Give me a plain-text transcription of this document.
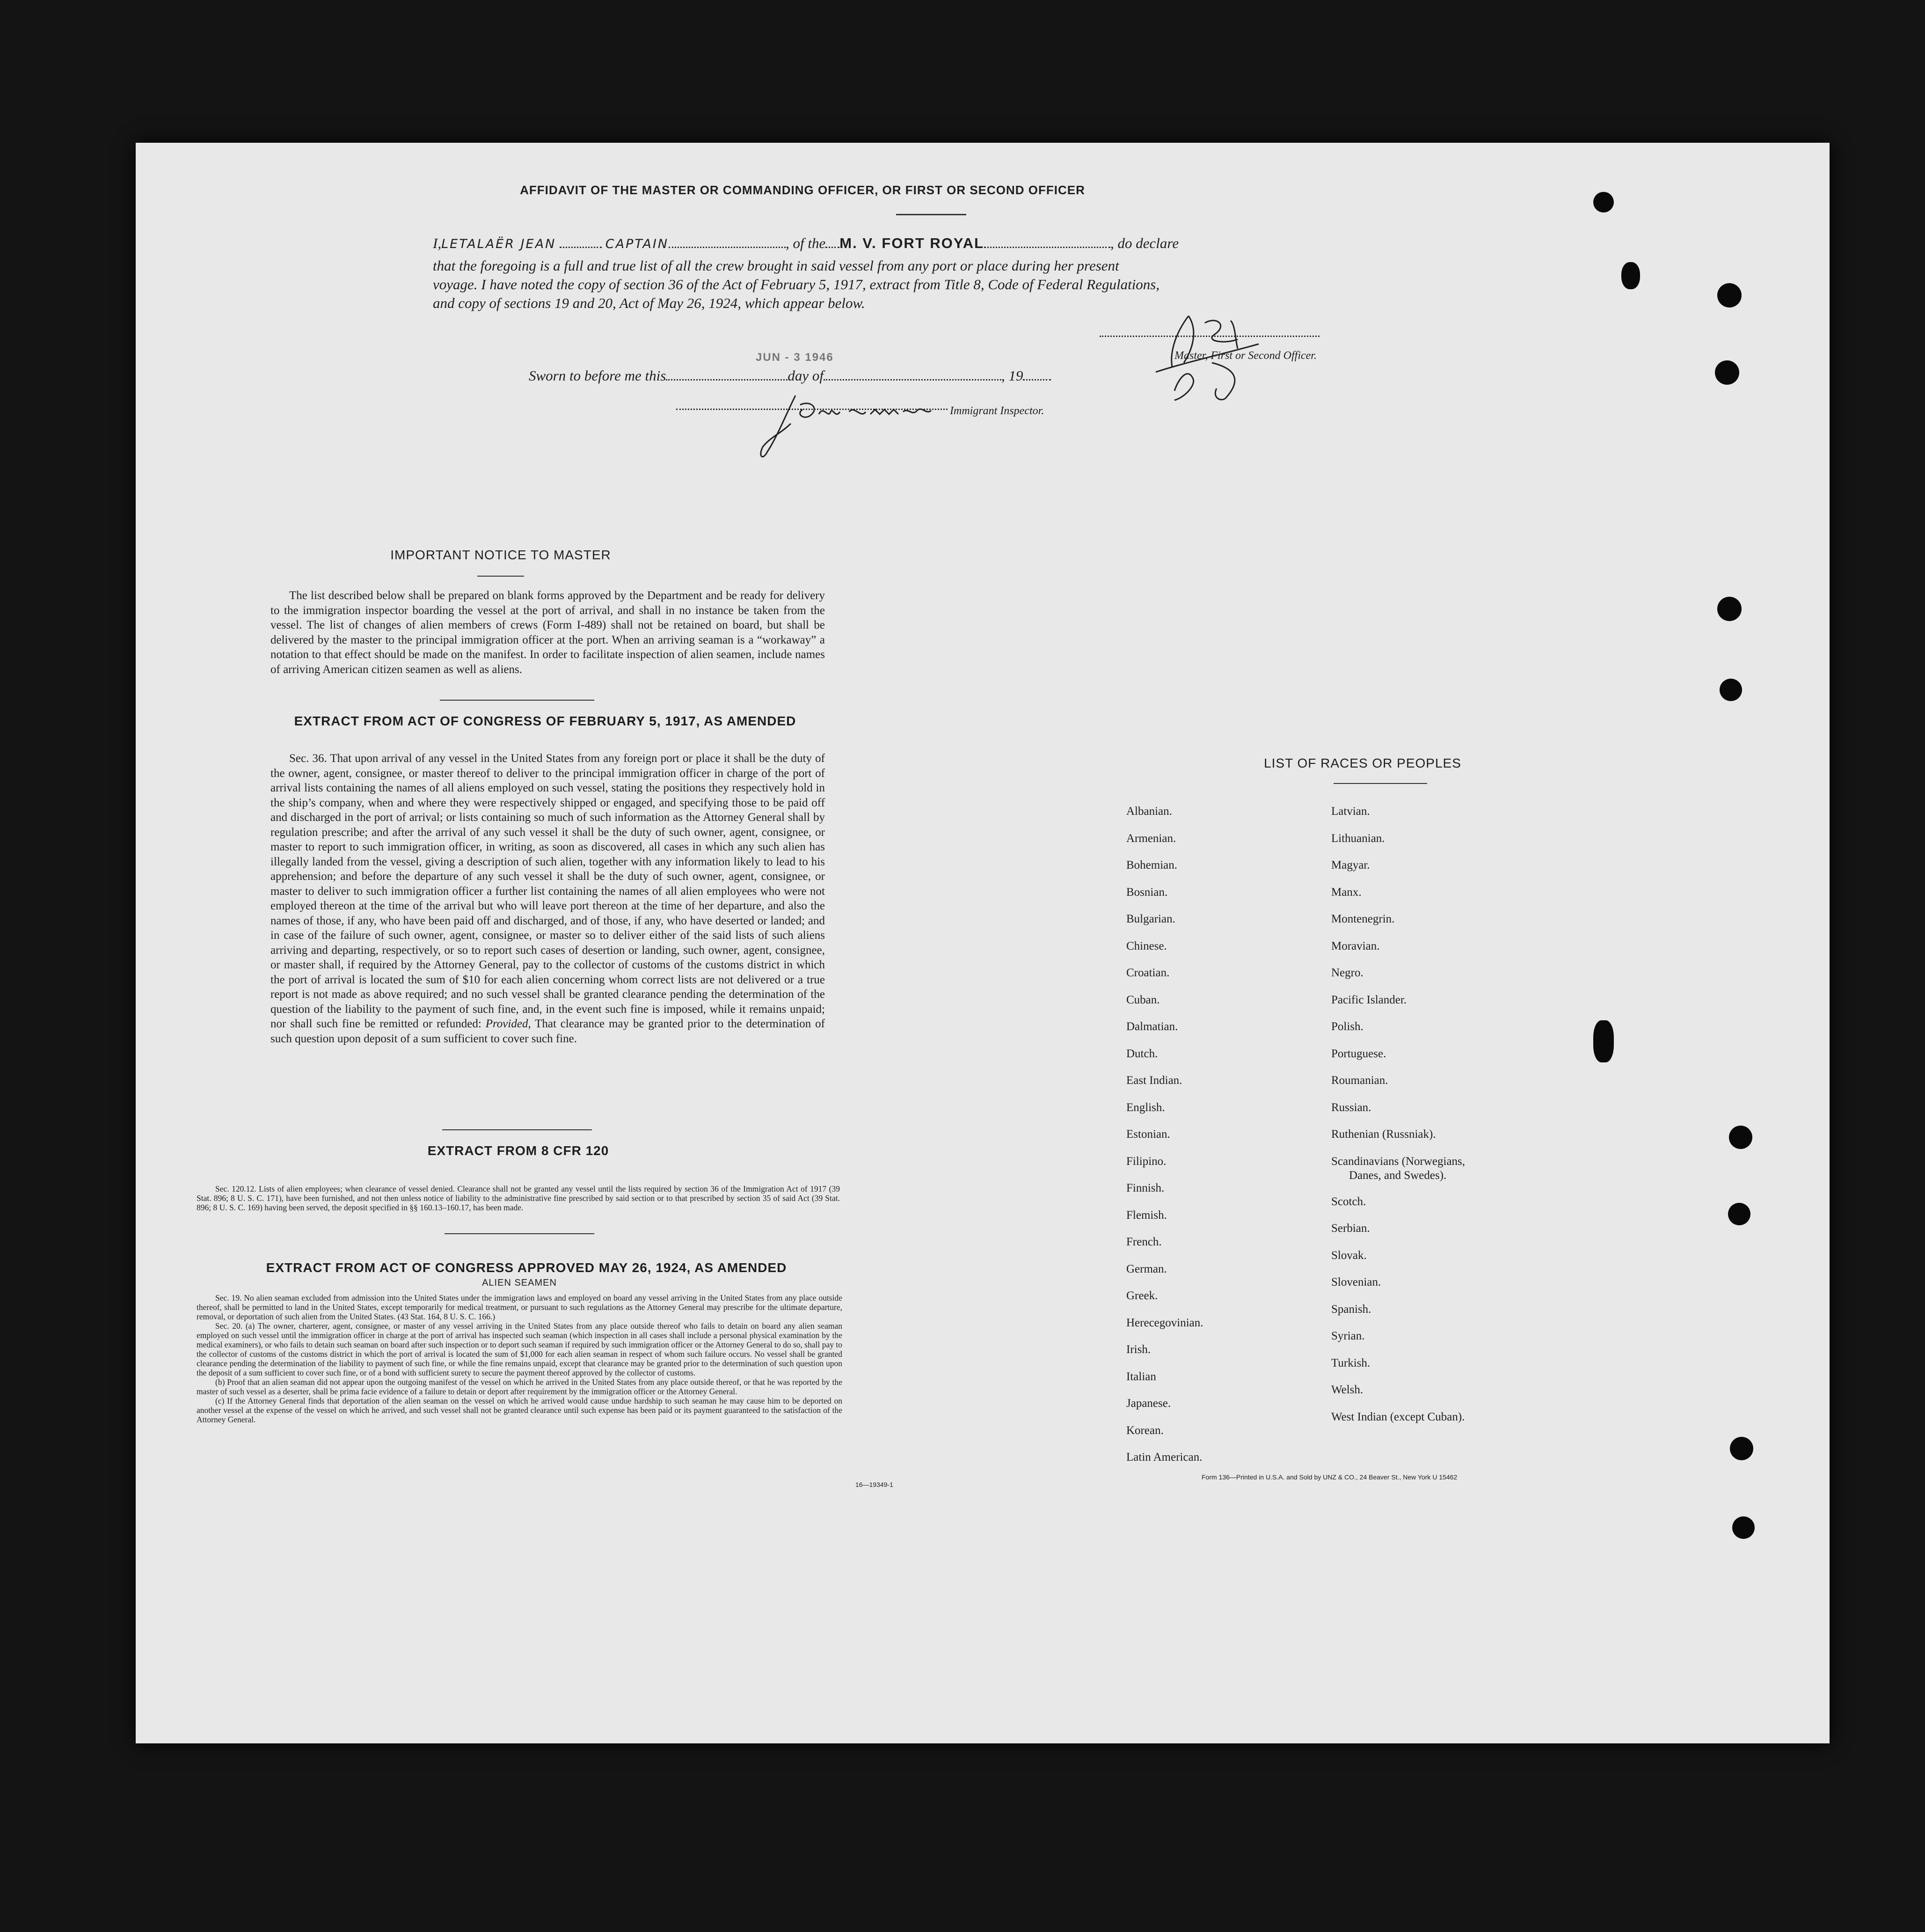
AFFIDAVIT OF THE MASTER OR COMMANDING OFFICER, OR FIRST OR SECOND OFFICER
I,LETALAËR JEAN	CAPTAIN	, of the M. V. FORT ROYAL	, do declare
that the foregoing is a full and true list of all the crew brought in said vessel from any port or place during her present
voyage. I have noted the copy of section 36 of the Act of February 5, 1917, extract from Title 8, Code of Federal Regulations,
and copy of sections 19 and 20, Act of May 26, 1924, which appear below.
Master, First or Second Officer.
Sworn to before me this	day of	, 19
JUN - 3 1946
Immigrant Inspector.
IMPORTANT NOTICE TO MASTER
The list described below shall be prepared on blank forms approved by the Department and be ready for delivery to the immigration inspector boarding the vessel at the port of arrival, and shall in no instance be taken from the vessel. The list of changes of alien members of crews (Form I-489) shall not be retained on board, but shall be delivered by the master to the principal immigration officer at the port. When an arriving seaman is a “workaway” a notation to that effect should be made on the manifest. In order to facilitate inspection of alien seamen, include names of arriving American citizen seamen as well as aliens.
EXTRACT FROM ACT OF CONGRESS OF FEBRUARY 5, 1917, AS AMENDED
Sec. 36. That upon arrival of any vessel in the United States from any foreign port or place it shall be the duty of the owner, agent, consignee, or master thereof to deliver to the principal immigration officer in charge of the port of arrival lists containing the names of all aliens employed on such vessel, stating the positions they respectively hold in the ship’s company, when and where they were respectively shipped or engaged, and specifying those to be paid off and discharged in the port of arrival; or lists containing so much of such information as the Attorney General shall by regulation prescribe; and after the arrival of any such vessel it shall be the duty of such owner, agent, consignee, or master to report to such immigration officer, in writing, as soon as discovered, all cases in which any such alien has illegally landed from the vessel, giving a description of such alien, together with any information likely to lead to his apprehension; and before the departure of any such vessel it shall be the duty of such owner, agent, consignee, or master to deliver to such immigration officer a further list containing the names of all alien employees who were not employed thereon at the time of the arrival but who will leave port thereon at the time of her departure, and also the names of those, if any, who have been paid off and discharged, and of those, if any, who have deserted or landed; and in case of the failure of such owner, agent, consignee, or master so to deliver either of the said lists of such aliens arriving and departing, respectively, or so to report such cases of desertion or landing, such owner, agent, consignee, or master shall, if required by the Attorney General, pay to the collector of customs of the customs district in which the port of arrival is located the sum of $10 for each alien concerning whom correct lists are not delivered or a true report is not made as above required; and no such vessel shall be granted clearance pending the determination of the question of the liability to the payment of such fine, and, in the event such fine is imposed, while it remains unpaid; nor shall such fine be remitted or refunded: Provided, That clearance may be granted prior to the determination of such question upon deposit of a sum sufficient to cover such fine.
EXTRACT FROM 8 CFR 120
Sec. 120.12. Lists of alien employees; when clearance of vessel denied. Clearance shall not be granted any vessel until the lists required by section 36 of the Immigration Act of 1917 (39 Stat. 896; 8 U. S. C. 171), have been furnished, and not then unless notice of liability to the administrative fine prescribed by said section or to that prescribed by section 35 of said Act (39 Stat. 896; 8 U. S. C. 169) having been served, the deposit specified in §§ 160.13–160.17, has been made.
EXTRACT FROM ACT OF CONGRESS APPROVED MAY 26, 1924, AS AMENDED
ALIEN SEAMEN
Sec. 19. No alien seaman excluded from admission into the United States under the immigration laws and employed on board any vessel arriving in the United States from any place outside thereof, shall be permitted to land in the United States, except temporarily for medical treatment, or pursuant to such regulations as the Attorney General may prescribe for the ultimate departure, removal, or deportation of such alien from the United States. (43 Stat. 164, 8 U. S. C. 166.)
Sec. 20. (a) The owner, charterer, agent, consignee, or master of any vessel arriving in the United States from any place outside thereof who fails to detain on board any alien seaman employed on such vessel until the immigration officer in charge at the port of arrival has inspected such seaman (which inspection in all cases shall include a personal physical examination by the medical examiners), or who fails to detain such seaman on board after such inspection or to deport such seaman if required by such immigration officer or the Attorney General to do so, shall pay to the collector of customs of the customs district in which the port of arrival is located the sum of $1,000 for each alien seaman in respect of whom such failure occurs. No vessel shall be granted clearance pending the determination of the liability to payment of such fine, or while the fine remains unpaid, except that clearance may be granted prior to the determination of such question upon the deposit of a sum sufficient to cover such fine, or of a bond with sufficient surety to secure the payment thereof approved by the collector of customs.
(b) Proof that an alien seaman did not appear upon the outgoing manifest of the vessel on which he arrived in the United States from any place outside thereof, or that he was reported by the master of such vessel as a deserter, shall be prima facie evidence of a failure to detain or deport after requirement by the immigration officer or the Attorney General.
(c) If the Attorney General finds that deportation of the alien seaman on the vessel on which he arrived would cause undue hardship to such seaman he may cause him to be deported on another vessel at the expense of the vessel on which he arrived, and such vessel shall not be granted clearance until such expense has been paid or its payment guaranteed to the satisfaction of the Attorney General.
16—19349-1
LIST OF RACES OR PEOPLES
Albanian.
Armenian.
Bohemian.
Bosnian.
Bulgarian.
Chinese.
Croatian.
Cuban.
Dalmatian.
Dutch.
East Indian.
English.
Estonian.
Filipino.
Finnish.
Flemish.
French.
German.
Greek.
Herecegovinian.
Irish.
Italian
Japanese.
Korean.
Latin American.
Latvian.
Lithuanian.
Magyar.
Manx.
Montenegrin.
Moravian.
Negro.
Pacific Islander.
Polish.
Portuguese.
Roumanian.
Russian.
Ruthenian (Russniak).
Scandinavians (Norwegians,
Danes, and Swedes).
Scotch.
Serbian.
Slovak.
Slovenian.
Spanish.
Syrian.
Turkish.
Welsh.
West Indian (except Cuban).
Form 136—Printed in U.S.A. and Sold by UNZ & CO., 24 Beaver St., New York U 15462
